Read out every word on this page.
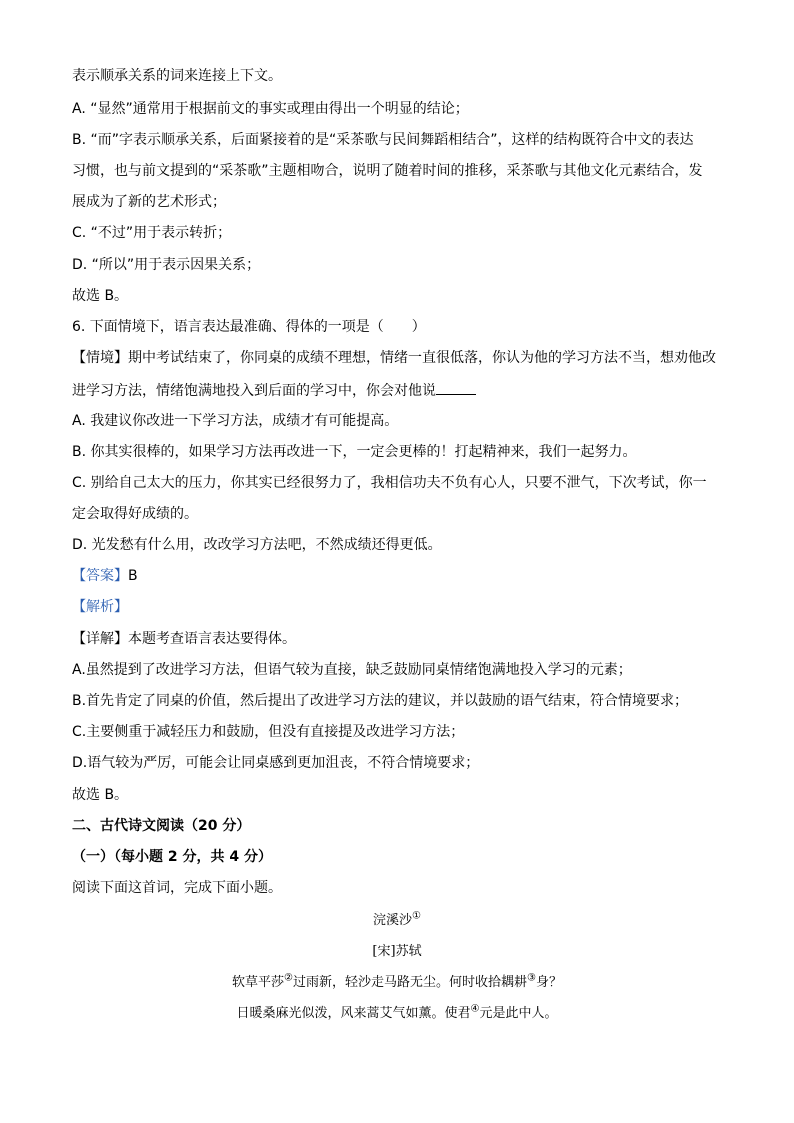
表示顺承关系的词来连接上下文。
A. “显然”通常用于根据前文的事实或理由得出一个明显的结论；
B. “而”字表示顺承关系，后面紧接着的是“采茶歌与民间舞蹈相结合”，这样的结构既符合中文的表达
习惯，也与前文提到的“采茶歌”主题相吻合，说明了随着时间的推移，采茶歌与其他文化元素结合，发
展成为了新的艺术形式；
C. “不过”用于表示转折；
D. “所以”用于表示因果关系；
故选 B。
6. 下面情境下，语言表达最准确、得体的一项是（　　）
【情境】期中考试结束了，你同桌的成绩不理想，情绪一直很低落，你认为他的学习方法不当，想劝他改
进学习方法，情绪饱满地投入到后面的学习中，你会对他说
A. 我建议你改进一下学习方法，成绩才有可能提高。
B. 你其实很棒的，如果学习方法再改进一下，一定会更棒的！打起精神来，我们一起努力。
C. 别给自己太大的压力，你其实已经很努力了，我相信功夫不负有心人，只要不泄气，下次考试，你一
定会取得好成绩的。
D. 光发愁有什么用，改改学习方法吧，不然成绩还得更低。
【答案】B
【解析】
【详解】本题考查语言表达要得体。
A.虽然提到了改进学习方法，但语气较为直接，缺乏鼓励同桌情绪饱满地投入学习的元素；
B.首先肯定了同桌的价值，然后提出了改进学习方法的建议，并以鼓励的语气结束，符合情境要求；
C.主要侧重于减轻压力和鼓励，但没有直接提及改进学习方法；
D.语气较为严厉，可能会让同桌感到更加沮丧，不符合情境要求；
故选 B。
二、古代诗文阅读（20 分）
（一）（每小题 2 分，共 4 分）
阅读下面这首词，完成下面小题。
浣溪沙①
[宋]苏轼
软草平莎②过雨新，轻沙走马路无尘。何时收拾耦耕③身？
日暖桑麻光似泼，风来蒿艾气如薰。使君④元是此中人。
